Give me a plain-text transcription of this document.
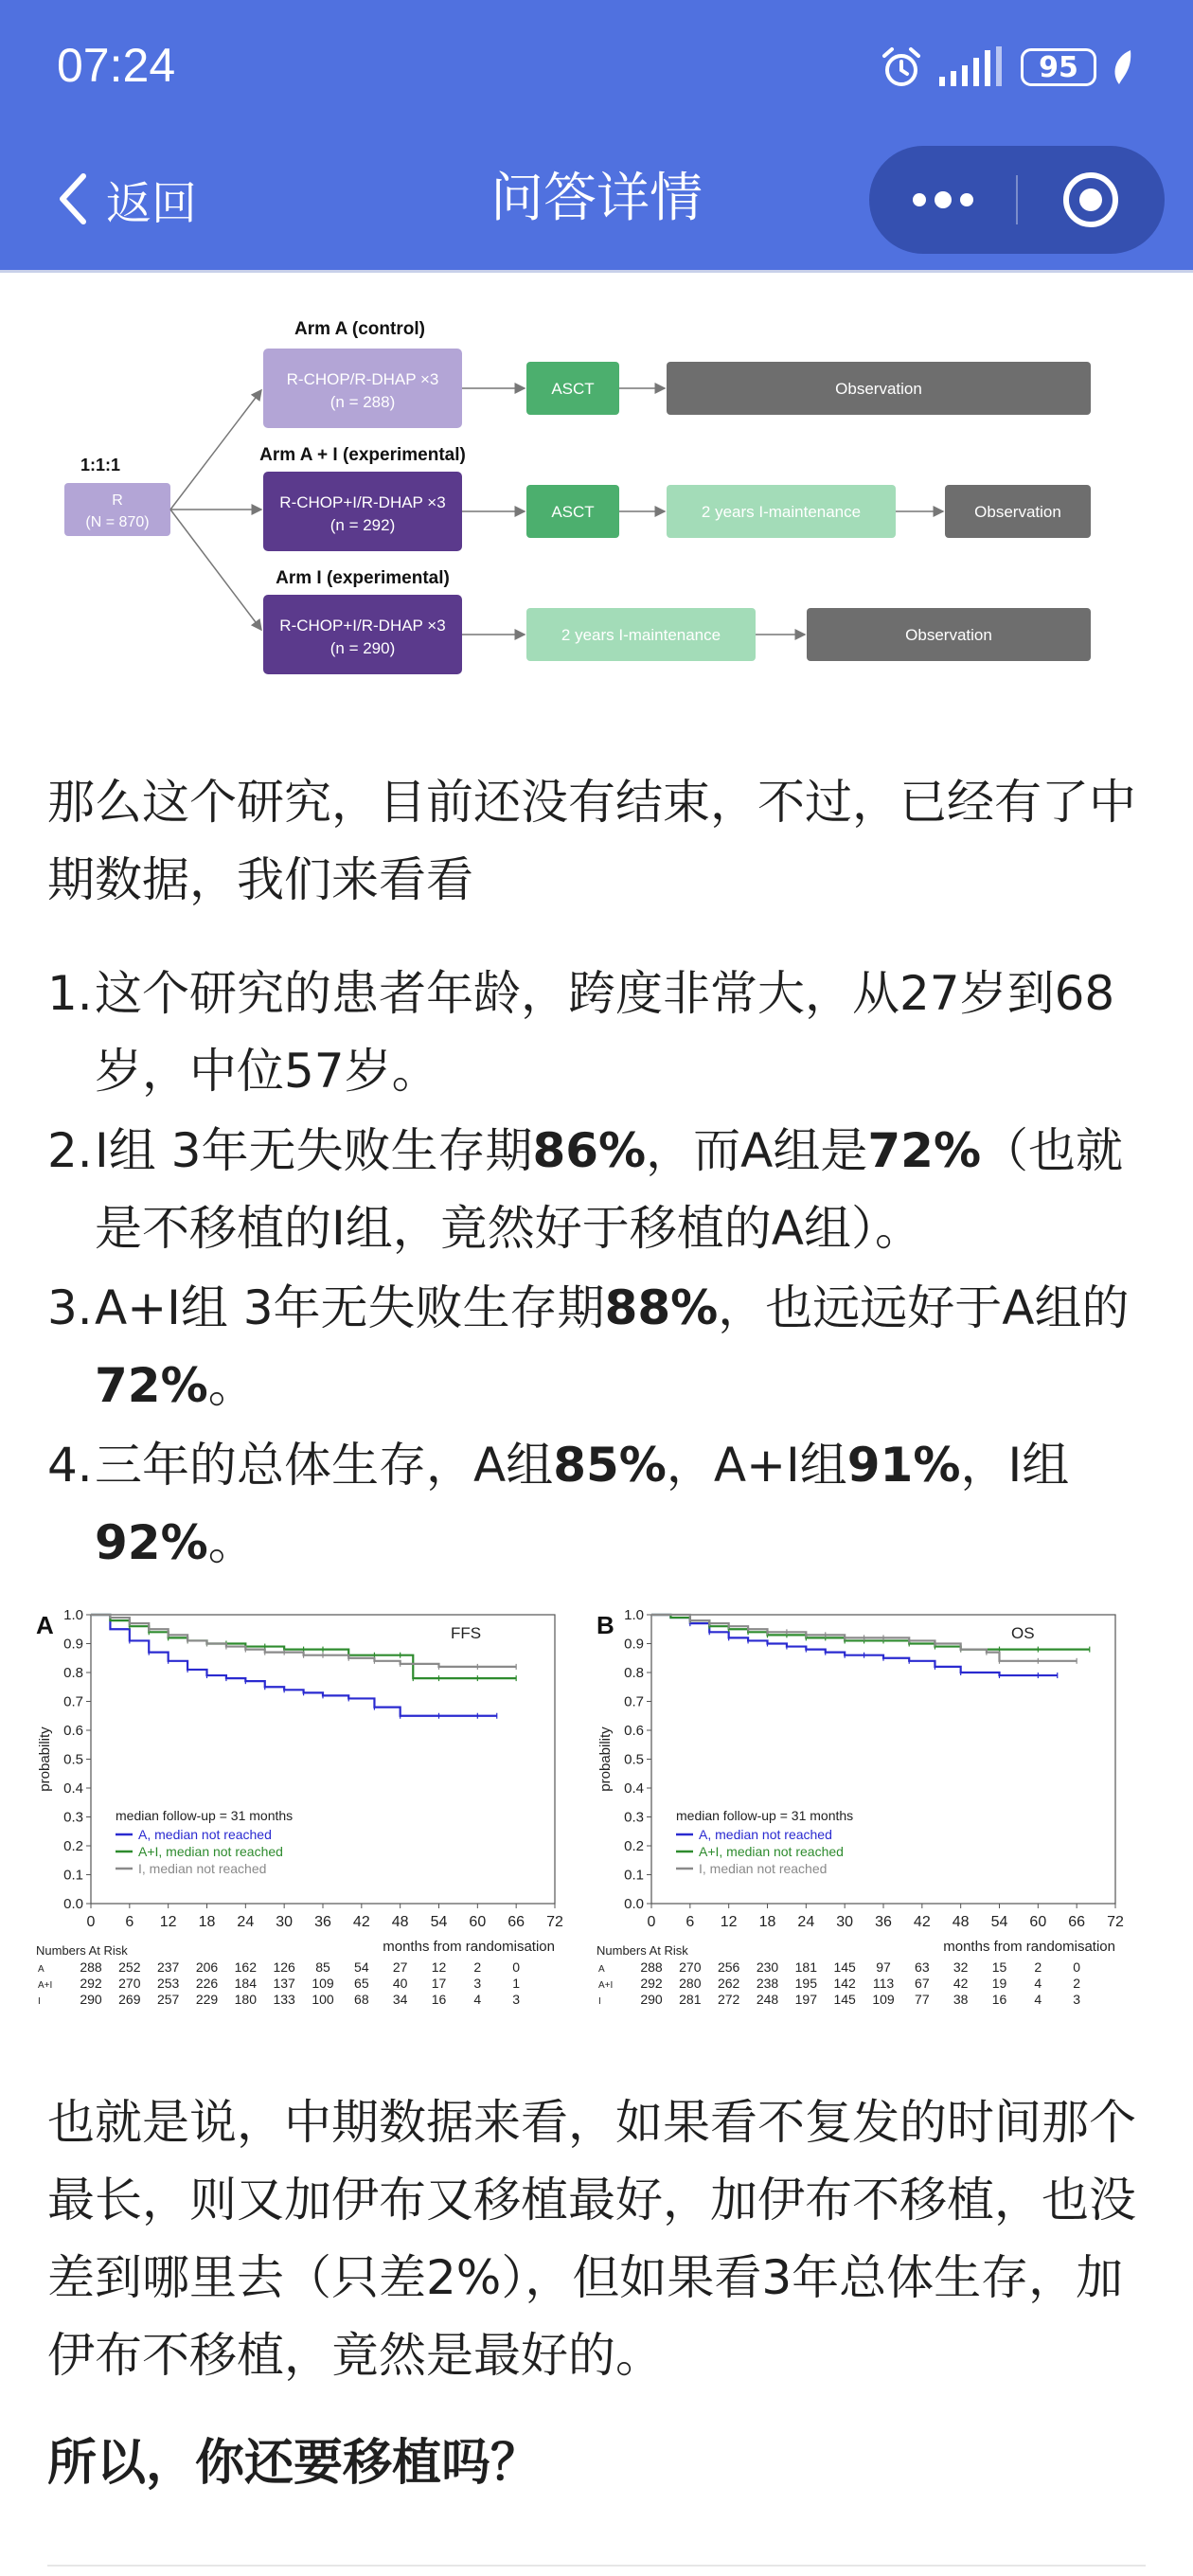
07:24	95
返回	问答详情
1:1:1
R
(N = 870)
Arm A (control)
R-CHOP/R-DHAP ×3
(n = 288)
ASCT	Observation
Arm A + I (experimental)
R-CHOP+I/R-DHAP ×3
(n = 292)
ASCT	2 years I-maintenance	Observation
Arm I (experimental)
R-CHOP+I/R-DHAP ×3
(n = 290)
2 years I-maintenance	Observation
那么这个研究，目前还没有结束，不过，已经有了中期数据，我们来看看
1. 这个研究的患者年龄，跨度非常大，从27岁到68岁，中位57岁。
2. I组 3年无失败生存期86%，而A组是72%（也就是不移植的I组，竟然好于移植的A组）。
3. A+I组 3年无失败生存期88%，也远远好于A组的72%。
4. 三年的总体生存，A组85%，A+I组91%，I组92%。
A	FFS
0.0
0.1
0.2
0.3
0.4
0.5
0.6
0.7
0.8
0.9
1.0
0 6 12 18 24 30 36 42 48 54 60 66 72
probability
months from randomisation
median follow-up = 31 months
A, median not reached
A+I, median not reached
I, median not reached
Numbers At Risk
A	288 252 237 206 162 126 85 54 27 12 2 0
A+I 292 270 253 226 184 137 109 65 40 17 3 1
I	290 269 257 229 180 133 100 68 34 16 4 3
B	OS
0.0
0.1
0.2
0.3
0.4
0.5
0.6
0.7
0.8
0.9
1.0
0 6 12 18 24 30 36 42 48 54 60 66 72
probability
months from randomisation
median follow-up = 31 months
A, median not reached
A+I, median not reached
I, median not reached
Numbers At Risk
A	288 270 256 230 181 145 97 63 32 15 2 0
A+I 292 280 262 238 195 142 113 67 42 19 4 2
I	290 281 272 248 197 145 109 77 38 16 4 3
也就是说，中期数据来看，如果看不复发的时间那个最长，则又加伊布又移植最好，加伊布不移植，也没差到哪里去（只差2%），但如果看3年总体生存，加伊布不移植，竟然是最好的。
所以，你还要移植吗？
